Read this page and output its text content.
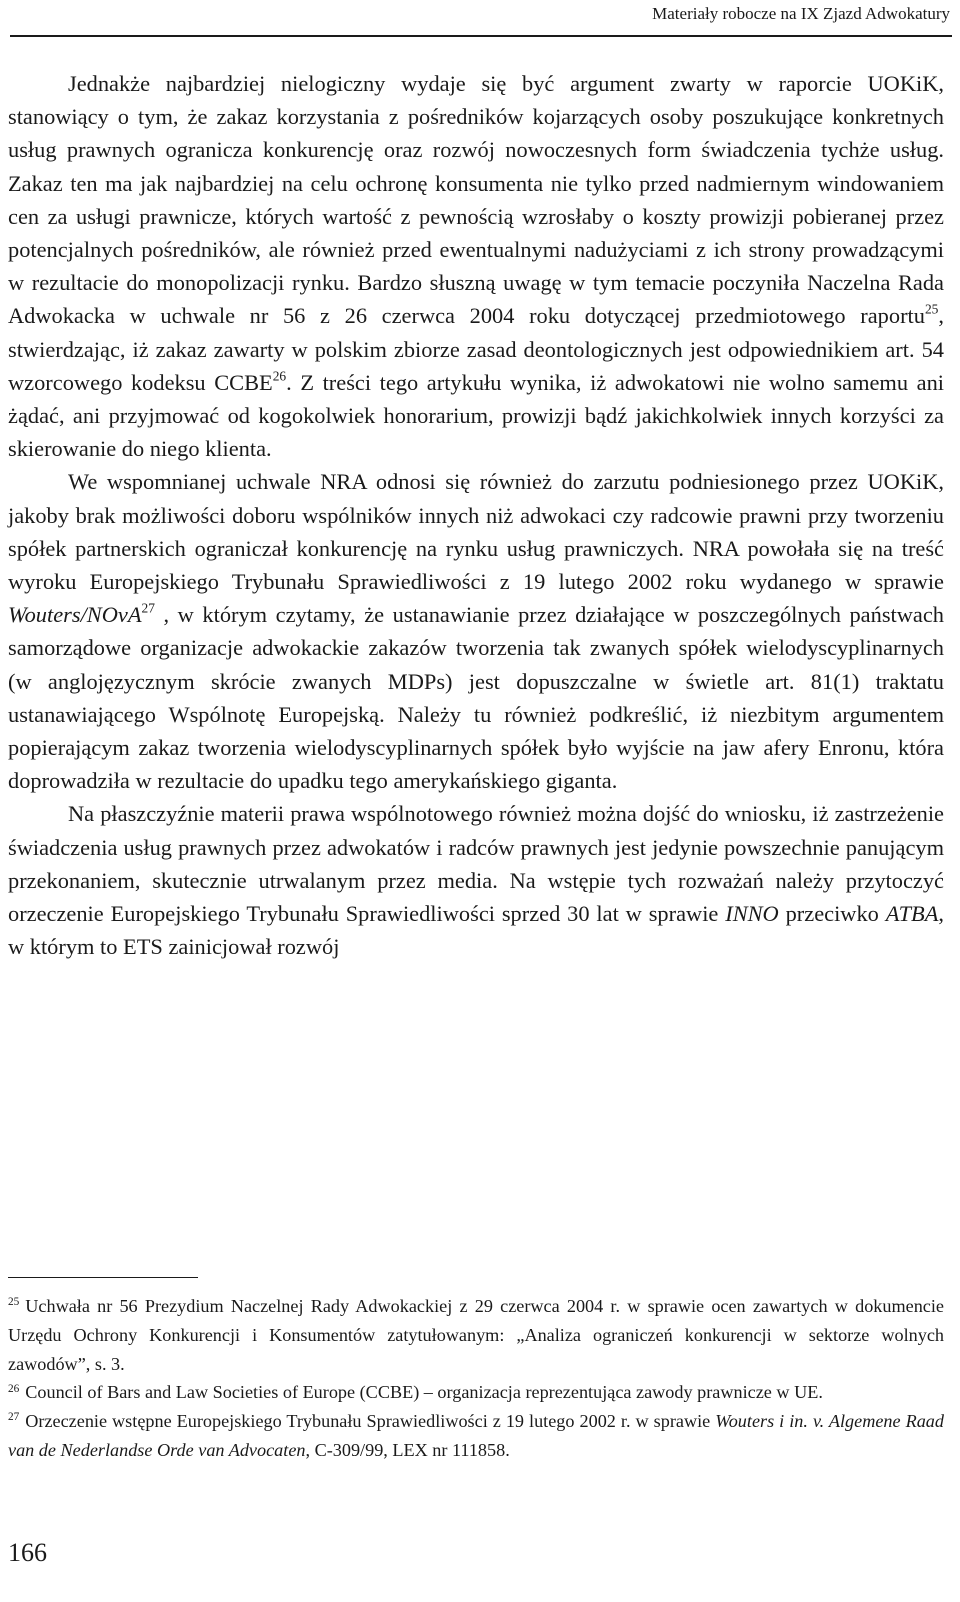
Materiały robocze na IX Zjazd Adwokatury

Jednakże najbardziej nielogiczny wydaje się być argument zwarty w raporcie UOKiK, stanowiący o tym, że zakaz korzystania z pośredników kojarzących osoby poszukujące konkretnych usług prawnych ogranicza konkurencję oraz rozwój nowoczesnych form świadczenia tychże usług. Zakaz ten ma jak najbardziej na celu ochronę konsumenta nie tylko przed nadmiernym windowaniem cen za usługi prawnicze, których wartość z pewnością wzrosłaby o koszty prowizji pobieranej przez potencjalnych pośredników, ale również przed ewentualnymi nadużyciami z ich strony prowadzącymi w rezultacie do monopolizacji rynku. Bardzo słuszną uwagę w tym temacie poczyniła Naczelna Rada Adwokacka w uchwale nr 56 z 26 czerwca 2004 roku dotyczącej przedmiotowego raportu$^{25}$, stwierdzając, iż zakaz zawarty w polskim zbiorze zasad deontologicznych jest odpowiednikiem art. 54 wzorcowego kodeksu CCBE$^{26}$. Z treści tego artykułu wynika, iż adwokatowi nie wolno samemu ani żądać, ani przyjmować od kogokolwiek honorarium, prowizji bądź jakichkolwiek innych korzyści za skierowanie do niego klienta.

We wspomnianej uchwale NRA odnosi się również do zarzutu podniesionego przez UOKiK, jakoby brak możliwości doboru wspólników innych niż adwokaci czy radcowie prawni przy tworzeniu spółek partnerskich ograniczał konkurencję na rynku usług prawniczych. NRA powołała się na treść wyroku Europejskiego Trybunału Sprawiedliwości z 19 lutego 2002 roku wydanego w sprawie Wouters/NOvA$^{27}$ , w którym czytamy, że ustanawianie przez działające w poszczególnych państwach samorządowe organizacje adwokackie zakazów tworzenia tak zwanych spółek wielodyscyplinarnych (w anglojęzycznym skrócie zwanych MDPs) jest dopuszczalne w świetle art. 81(1) traktatu ustanawiającego Wspólnotę Europejską. Należy tu również podkreślić, iż niezbitym argumentem popierającym zakaz tworzenia wielodyscyplinarnych spółek było wyjście na jaw afery Enronu, która doprowadziła w rezultacie do upadku tego amerykańskiego giganta.

Na płaszczyźnie materii prawa wspólnotowego również można dojść do wniosku, iż zastrzeżenie świadczenia usług prawnych przez adwokatów i radców prawnych jest jedynie powszechnie panującym przekonaniem, skutecznie utrwalanym przez media. Na wstępie tych rozważań należy przytoczyć orzeczenie Europejskiego Trybunału Sprawiedliwości sprzed 30 lat w sprawie INNO przeciwko ATBA, w którym to ETS zainicjował rozwój

$^{25}$ Uchwała nr 56 Prezydium Naczelnej Rady Adwokackiej z 29 czerwca 2004 r. w sprawie ocen zawartych w dokumencie Urzędu Ochrony Konkurencji i Konsumentów zatytułowanym: „Analiza ograniczeń konkurencji w sektorze wolnych zawodów”, s. 3.

$^{26}$ Council of Bars and Law Societies of Europe (CCBE) – organizacja reprezentująca zawody prawnicze w UE.

$^{27}$ Orzeczenie wstępne Europejskiego Trybunału Sprawiedliwości z 19 lutego 2002 r. w sprawie Wouters i in. v. Algemene Raad van de Nederlandse Orde van Advocaten, C-309/99, LEX nr 111858.

166
